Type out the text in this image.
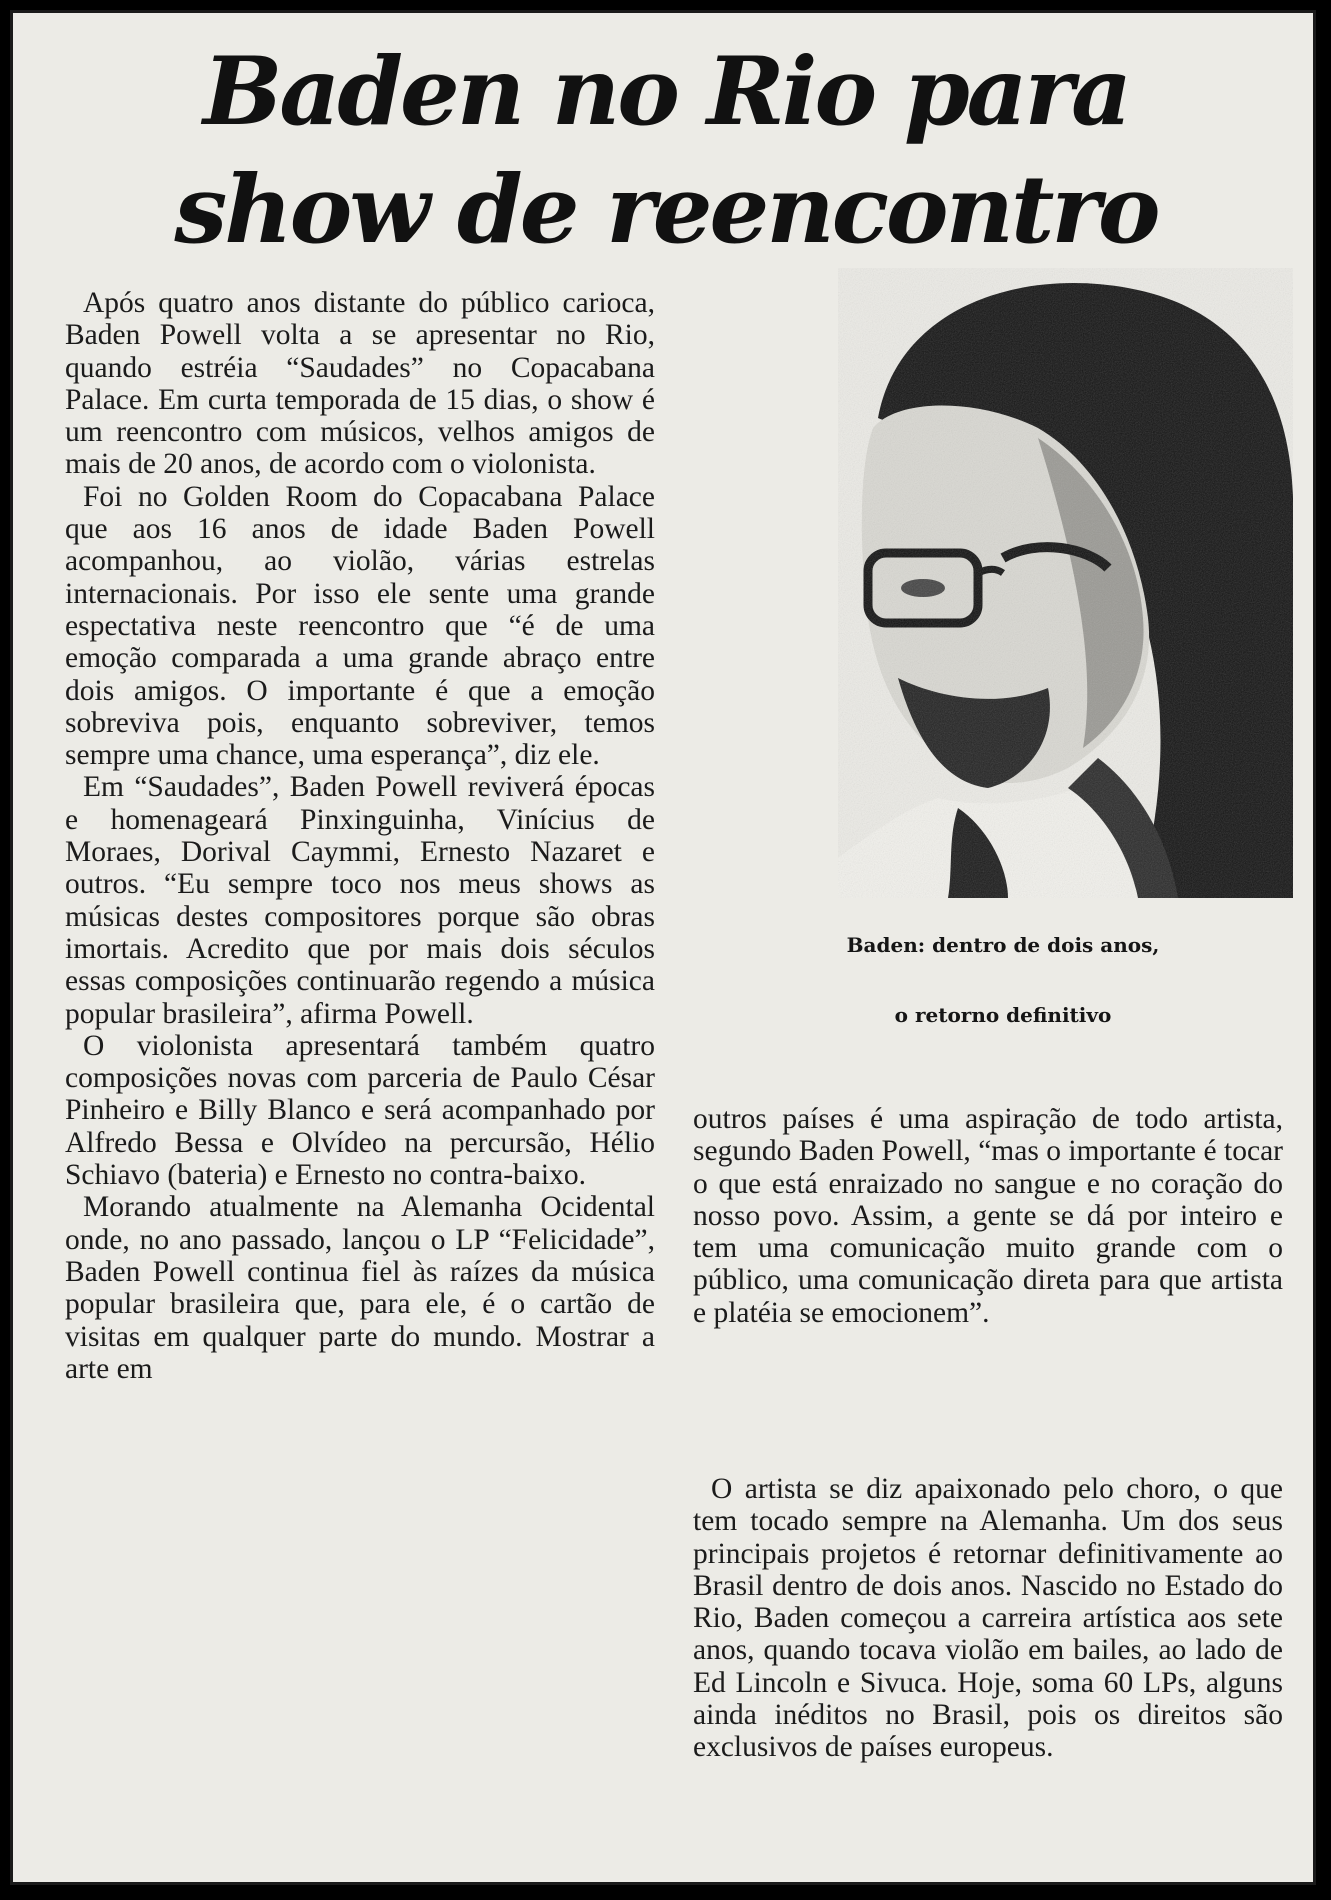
Baden no Rio para
show de reencontro

Após quatro anos distante do público carioca, Baden Powell volta a se apresentar no Rio, quando estréia “Saudades” no Copacabana Palace. Em curta temporada de 15 dias, o show é um reencontro com músicos, velhos amigos de mais de 20 anos, de acordo com o violonista.

Foi no Golden Room do Copacabana Palace que aos 16 anos de idade Baden Powell acompanhou, ao violão, várias estrelas internacionais. Por isso ele sente uma grande espectativa neste reencontro que “é de uma emoção comparada a uma grande abraço entre dois amigos. O importante é que a emoção sobreviva pois, enquanto sobreviver, temos sempre uma chance, uma esperança”, diz ele.

Em “Saudades”, Baden Powell reviverá épocas e homenageará Pinxinguinha, Vinícius de Moraes, Dorival Caymmi, Ernesto Nazaret e outros. “Eu sempre toco nos meus shows as músicas destes compositores porque são obras imortais. Acredito que por mais dois séculos essas composições continuarão regendo a música popular brasileira”, afirma Powell.

O violonista apresentará também quatro composições novas com parceria de Paulo César Pinheiro e Billy Blanco e será acompanhado por Alfredo Bessa e Olvídeo na percursão, Hélio Schiavo (bateria) e Ernesto no contra-baixo.

Morando atualmente na Alemanha Ocidental onde, no ano passado, lançou o LP “Felicidade”, Baden Powell continua fiel às raízes da música popular brasileira que, para ele, é o cartão de visitas em qualquer parte do mundo. Mostrar a arte em

Baden: dentro de dois anos,
o retorno definitivo

outros países é uma aspiração de todo artista, segundo Baden Powell, “mas o importante é tocar o que está enraizado no sangue e no coração do nosso povo. Assim, a gente se dá por inteiro e tem uma comunicação muito grande com o público, uma comunicação direta para que artista e platéia se emocionem”.

O artista se diz apaixonado pelo choro, o que tem tocado sempre na Alemanha. Um dos seus principais projetos é retornar definitivamente ao Brasil dentro de dois anos. Nascido no Estado do Rio, Baden começou a carreira artística aos sete anos, quando tocava violão em bailes, ao lado de Ed Lincoln e Sivuca. Hoje, soma 60 LPs, alguns ainda inéditos no Brasil, pois os direitos são exclusivos de países europeus.
